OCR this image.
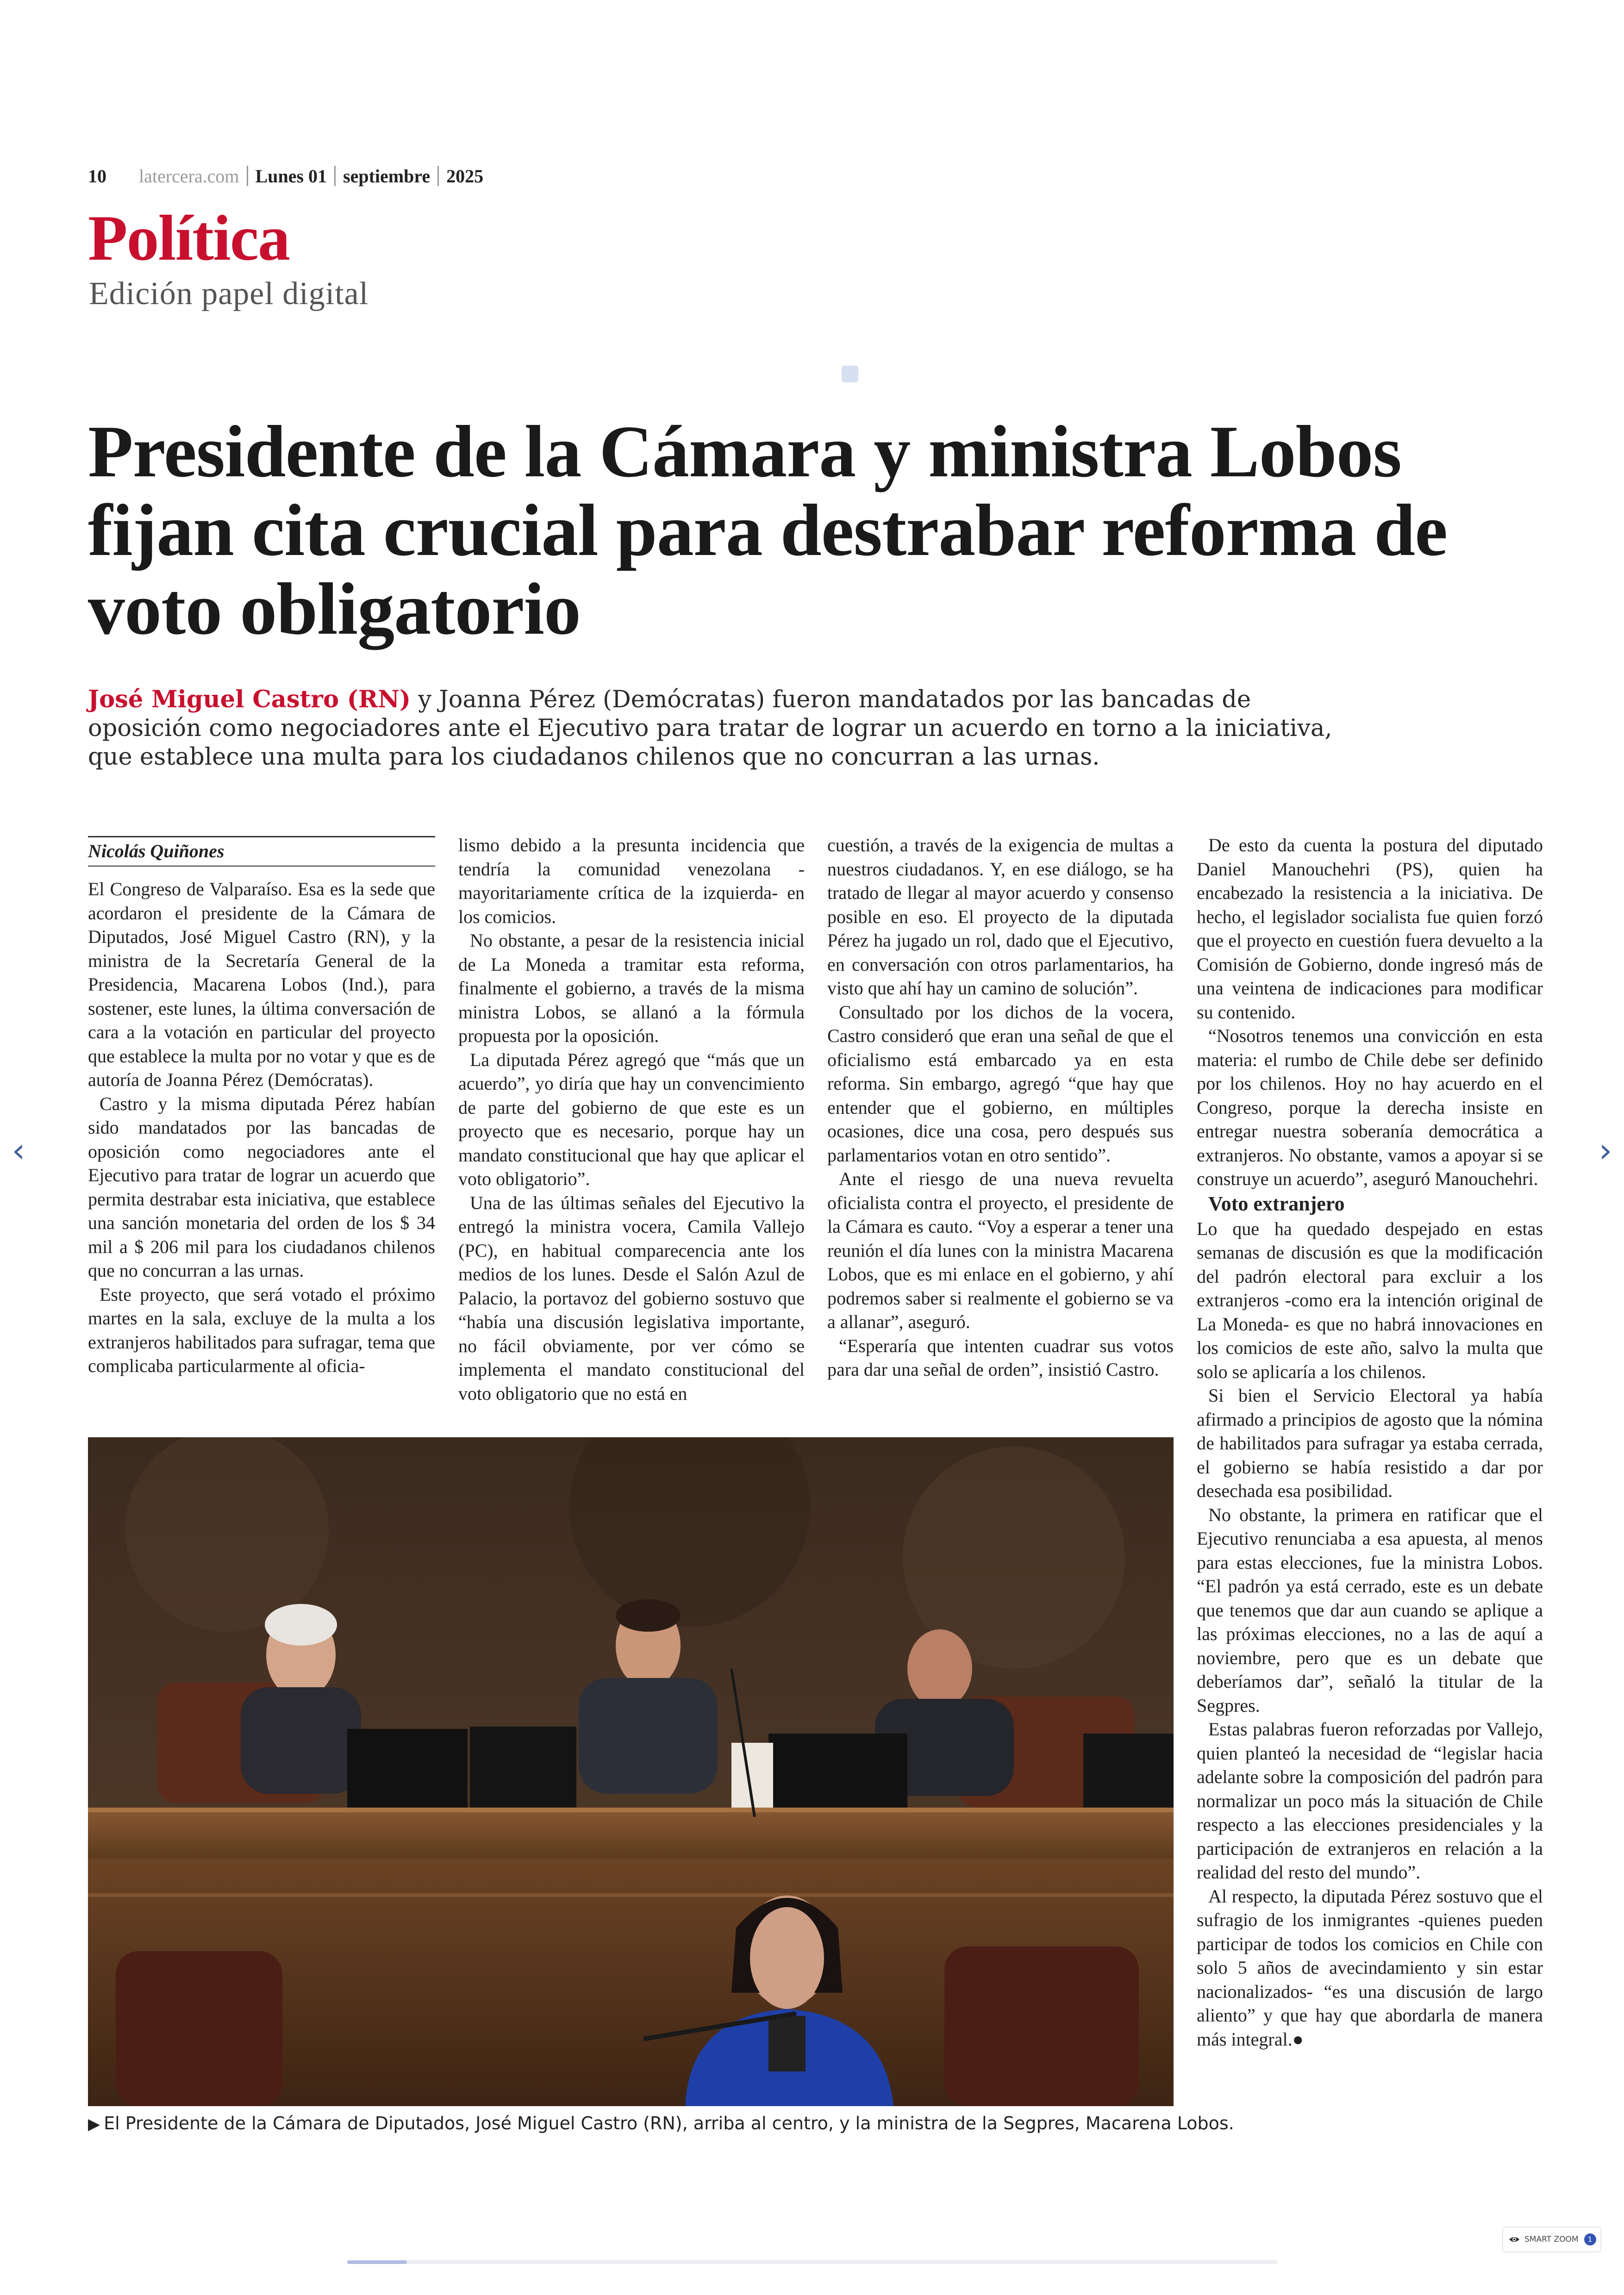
10 latercera.com Lunes 01 septiembre 2025
Política
Edición papel digital
Presidente de la Cámara y ministra Lobos fijan cita crucial para destrabar reforma de voto obligatorio
José Miguel Castro (RN) y Joanna Pérez (Demócratas) fueron mandatados por las bancadas de oposición como negociadores ante el Ejecutivo para tratar de lograr un acuerdo en torno a la iniciativa, que establece una multa para los ciudadanos chilenos que no concurran a las urnas.
Nicolás Quiñones

El Congreso de Valparaíso. Esa es la sede que acordaron el presidente de la Cámara de Diputados, José Miguel Castro (RN), y la ministra de la Secretaría General de la Presidencia, Macarena Lobos (Ind.), para sostener, este lunes, la última conversación de cara a la votación en particular del proyecto que establece la multa por no votar y que es de autoría de Joanna Pérez (Demócratas).

Castro y la misma diputada Pérez habían sido mandatados por las bancadas de oposición como negociadores ante el Ejecutivo para tratar de lograr un acuerdo que permita destrabar esta iniciativa, que establece una sanción monetaria del orden de los $ 34 mil a $ 206 mil para los ciudadanos chilenos que no concurran a las urnas.

Este proyecto, que será votado el próximo martes en la sala, excluye de la multa a los extranjeros habilitados para sufragar, tema que complicaba particularmente al oficia-

lismo debido a la presunta incidencia que tendría la comunidad venezolana -mayoritariamente crítica de la izquierda- en los comicios.

No obstante, a pesar de la resistencia inicial de La Moneda a tramitar esta reforma, finalmente el gobierno, a través de la misma ministra Lobos, se allanó a la fórmula propuesta por la oposición.

La diputada Pérez agregó que “más que un acuerdo”, yo diría que hay un convencimiento de parte del gobierno de que este es un proyecto que es necesario, porque hay un mandato constitucional que hay que aplicar el voto obligatorio”.

Una de las últimas señales del Ejecutivo la entregó la ministra vocera, Camila Vallejo (PC), en habitual comparecencia ante los medios de los lunes. Desde el Salón Azul de Palacio, la portavoz del gobierno sostuvo que “había una discusión legislativa importante, no fácil obviamente, por ver cómo se implementa el mandato constitucional del voto obligatorio que no está en

cuestión, a través de la exigencia de multas a nuestros ciudadanos. Y, en ese diálogo, se ha tratado de llegar al mayor acuerdo y consenso posible en eso. El proyecto de la diputada Pérez ha jugado un rol, dado que el Ejecutivo, en conversación con otros parlamentarios, ha visto que ahí hay un camino de solución”.

Consultado por los dichos de la vocera, Castro consideró que eran una señal de que el oficialismo está embarcado ya en esta reforma. Sin embargo, agregó “que hay que entender que el gobierno, en múltiples ocasiones, dice una cosa, pero después sus parlamentarios votan en otro sentido”.

Ante el riesgo de una nueva revuelta oficialista contra el proyecto, el presidente de la Cámara es cauto. “Voy a esperar a tener una reunión el día lunes con la ministra Macarena Lobos, que es mi enlace en el gobierno, y ahí podremos saber si realmente el gobierno se va a allanar”, aseguró.

“Esperaría que intenten cuadrar sus votos para dar una señal de orden”, insistió Castro.

De esto da cuenta la postura del diputado Daniel Manouchehri (PS), quien ha encabezado la resistencia a la iniciativa. De hecho, el legislador socialista fue quien forzó que el proyecto en cuestión fuera devuelto a la Comisión de Gobierno, donde ingresó más de una veintena de indicaciones para modificar su contenido.

“Nosotros tenemos una convicción en esta materia: el rumbo de Chile debe ser definido por los chilenos. Hoy no hay acuerdo en el Congreso, porque la derecha insiste en entregar nuestra soberanía democrática a extranjeros. No obstante, vamos a apoyar si se construye un acuerdo”, aseguró Manouchehri.

Voto extranjero

Lo que ha quedado despejado en estas semanas de discusión es que la modificación del padrón electoral para excluir a los extranjeros -como era la intención original de La Moneda- es que no habrá innovaciones en los comicios de este año, salvo la multa que solo se aplicaría a los chilenos.

Si bien el Servicio Electoral ya había afirmado a principios de agosto que la nómina de habilitados para sufragar ya estaba cerrada, el gobierno se había resistido a dar por desechada esa posibilidad.

No obstante, la primera en ratificar que el Ejecutivo renunciaba a esa apuesta, al menos para estas elecciones, fue la ministra Lobos. “El padrón ya está cerrado, este es un debate que tenemos que dar aun cuando se aplique a las próximas elecciones, no a las de aquí a noviembre, pero que es un debate que deberíamos dar”, señaló la titular de la Segpres.

Estas palabras fueron reforzadas por Vallejo, quien planteó la necesidad de “legislar hacia adelante sobre la composición del padrón para normalizar un poco más la situación de Chile respecto a las elecciones presidenciales y la participación de extranjeros en relación a la realidad del resto del mundo”.

Al respecto, la diputada Pérez sostuvo que el sufragio de los inmigrantes -quienes pueden participar de todos los comicios en Chile con solo 5 años de avecindamiento y sin estar nacionalizados- “es una discusión de largo aliento” y que hay que abordarla de manera más integral.●

▶ El Presidente de la Cámara de Diputados, José Miguel Castro (RN), arriba al centro, y la ministra de la Segpres, Macarena Lobos.
‹	›
SMART ZOOM	1
